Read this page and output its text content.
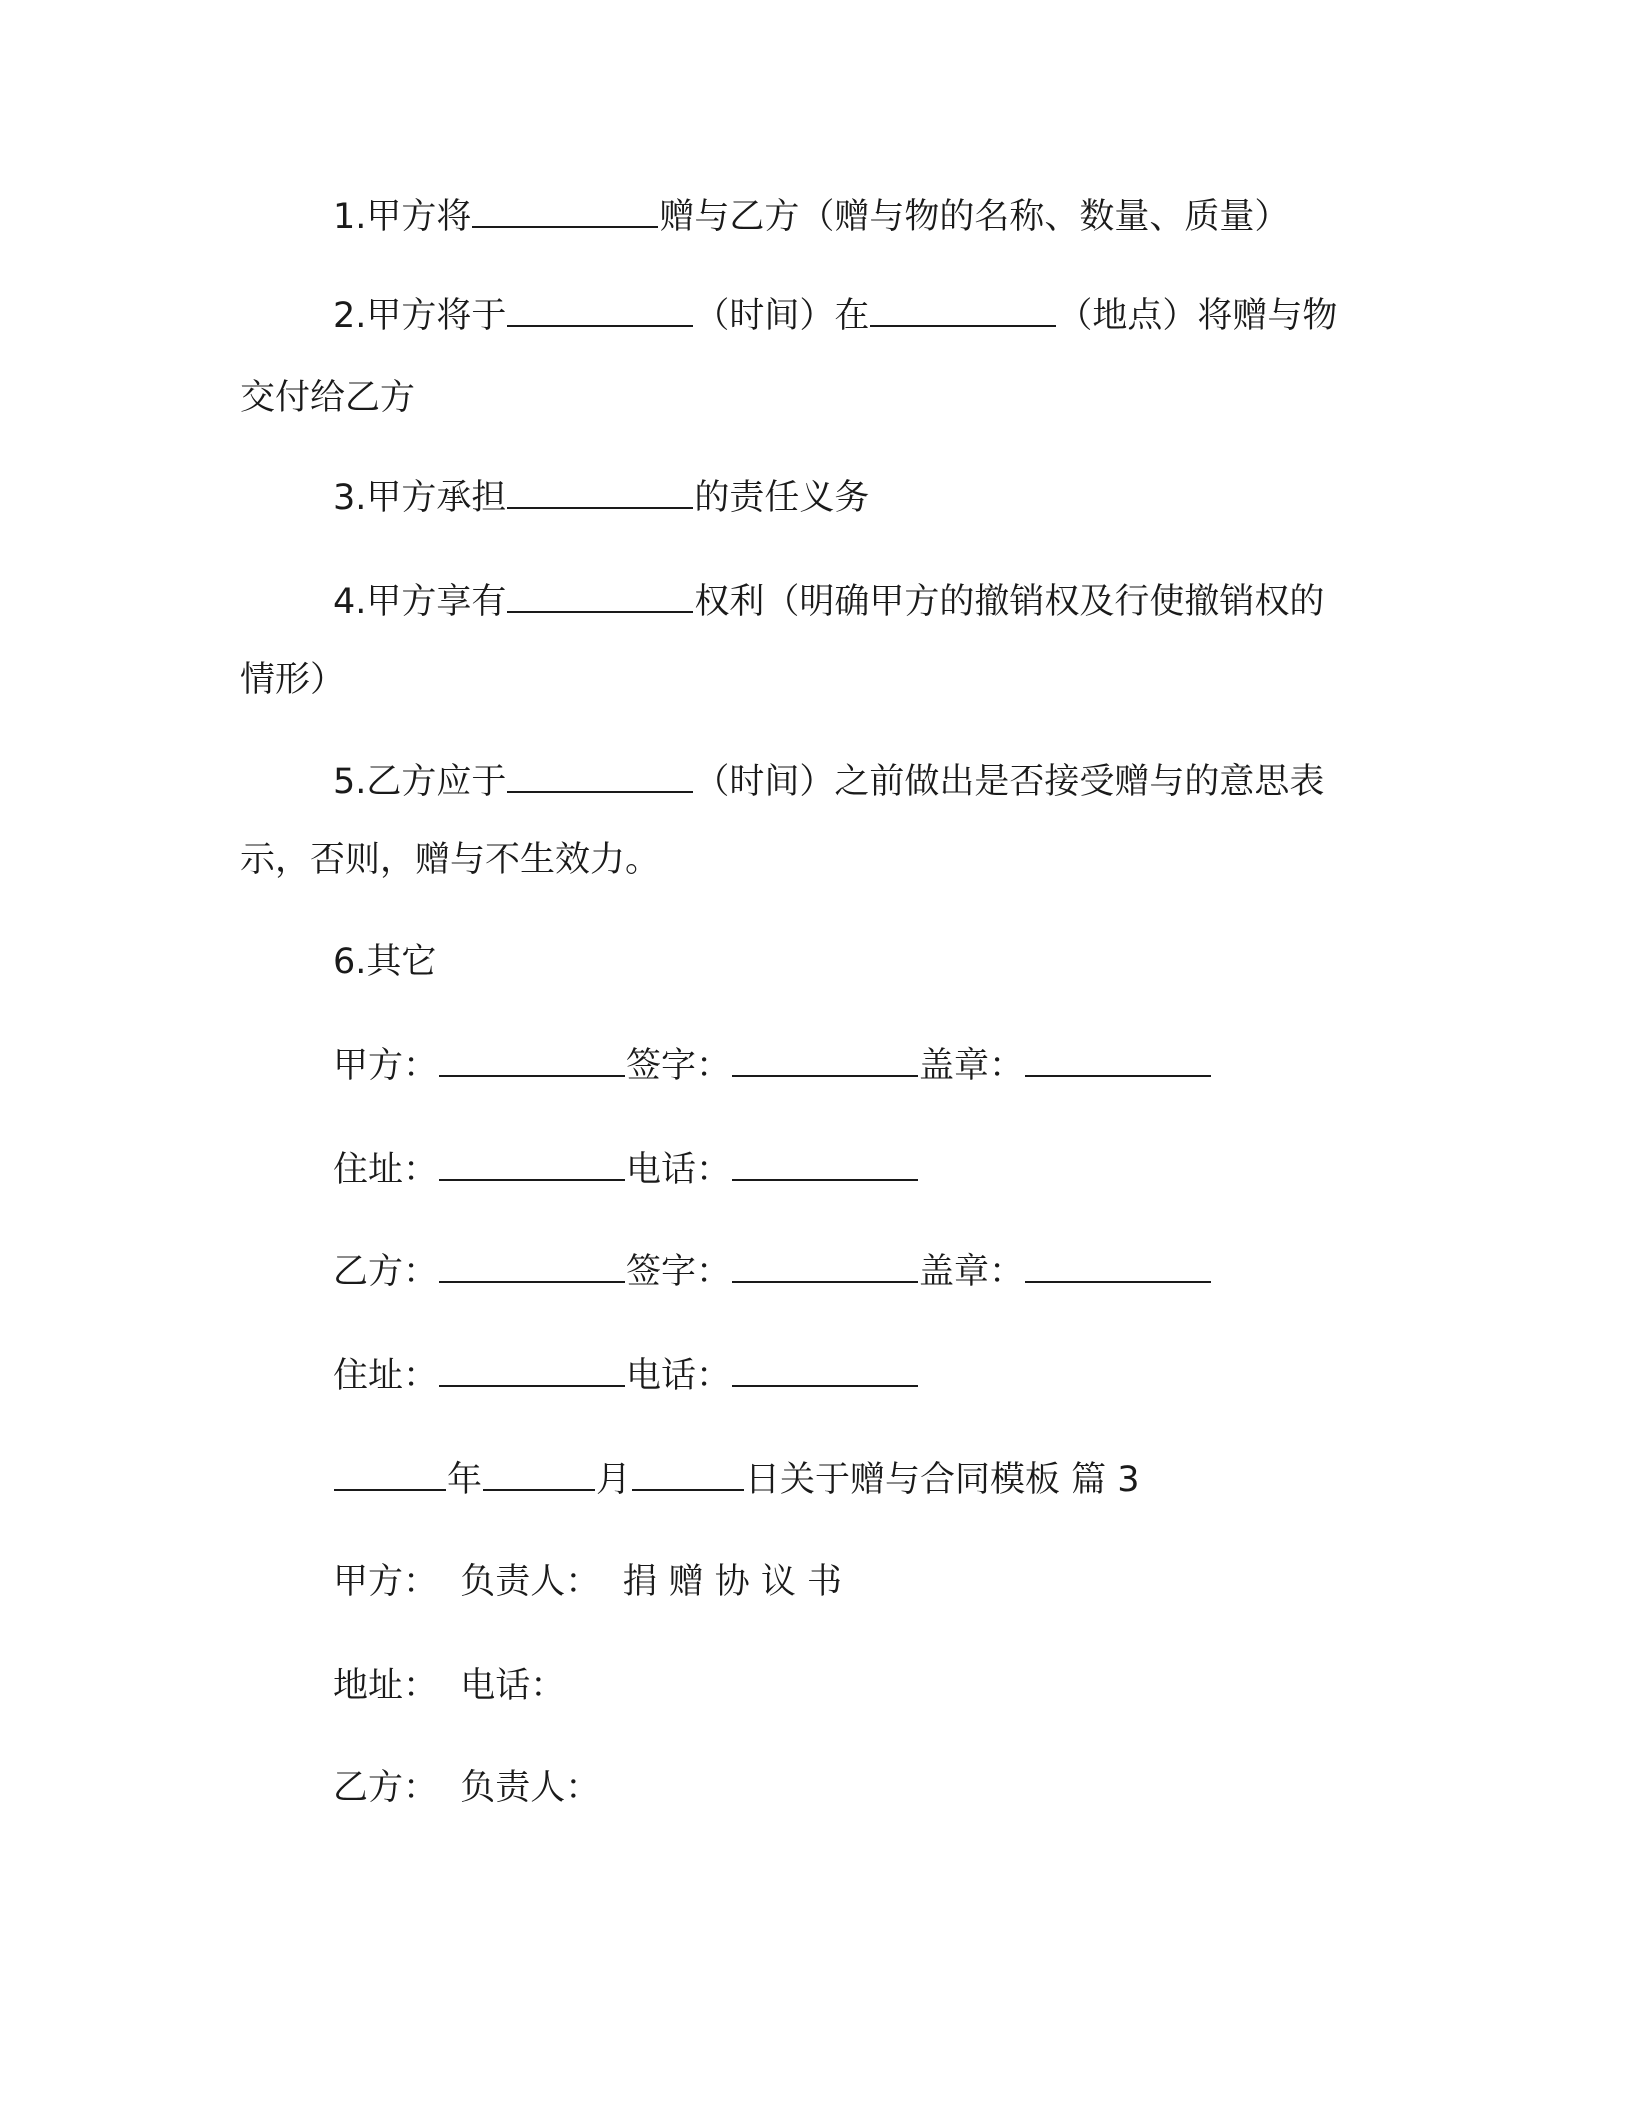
1.甲方将	赠与乙方（赠与物的名称、数量、质量）
2.甲方将于	（时间）在	（地点）将赠与物
交付给乙方
3.甲方承担	的责任义务
4.甲方享有	权利（明确甲方的撤销权及行使撤销权的
情形）
5.乙方应于	（时间）之前做出是否接受赠与的意思表
示，否则，赠与不生效力。
6.其它
甲方：	签字：	盖章：
住址：	电话：
乙方：	签字：	盖章：
住址：	电话：
年	月	日关于赠与合同模板 篇 3
甲方：  负责人：  捐 赠 协 议 书
地址：  电话：
乙方：  负责人：
